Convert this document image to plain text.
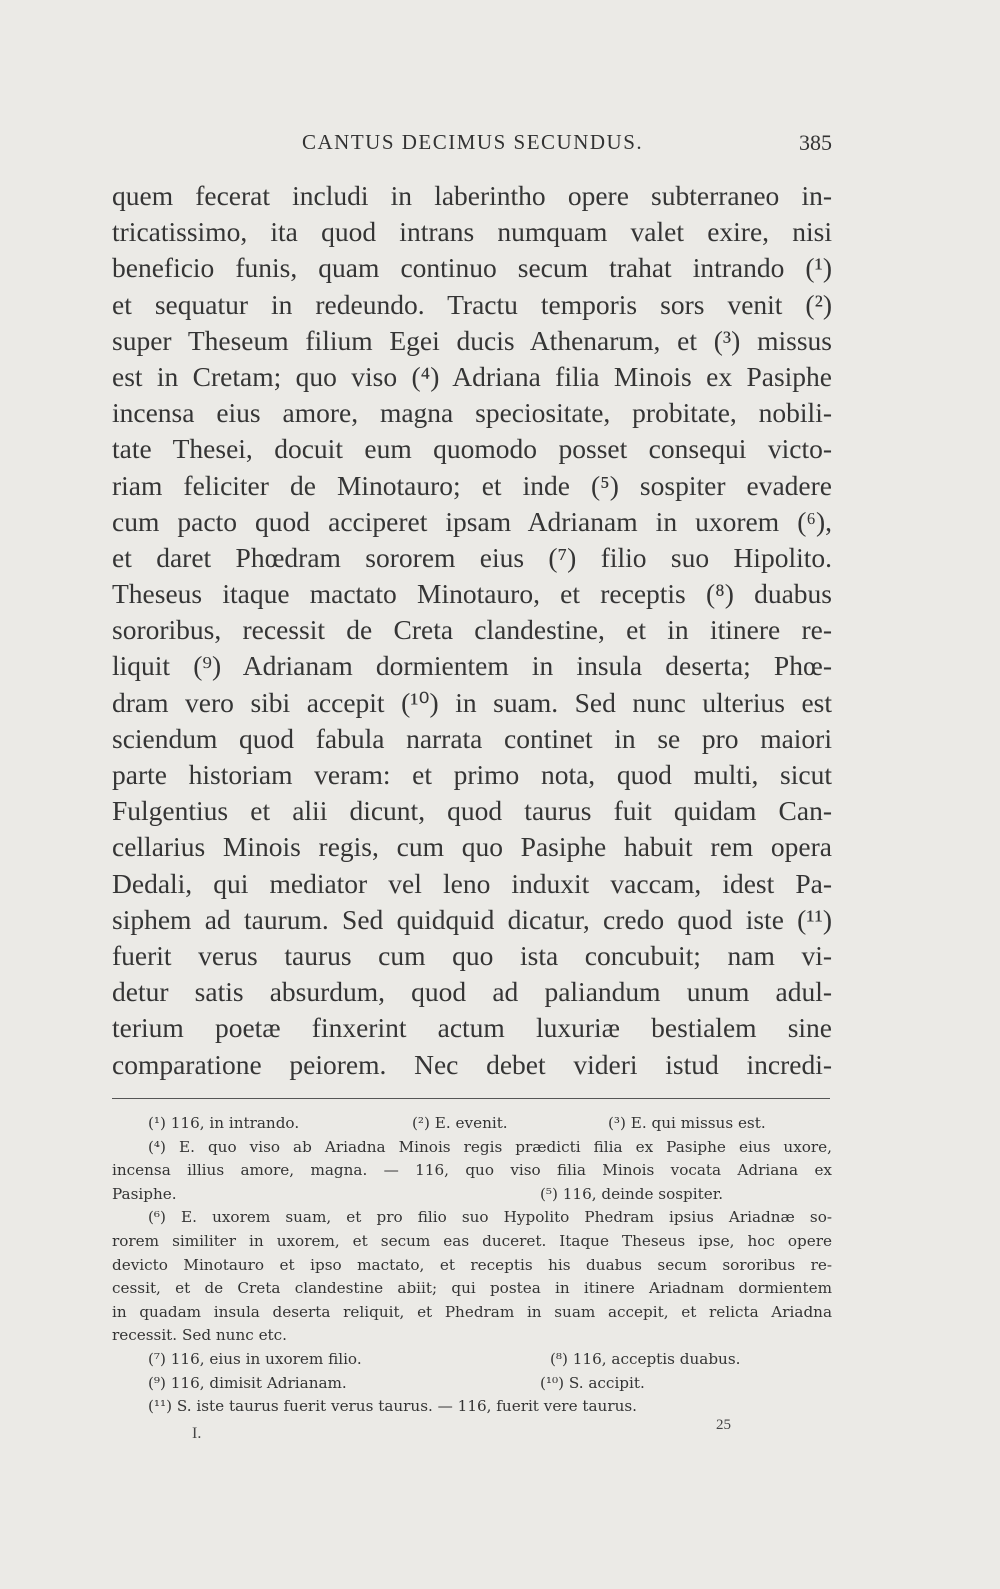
CANTUS DECIMUS SECUNDUS.	385
quem fecerat includi in laberintho opere subterraneo in-
tricatissimo, ita quod intrans numquam valet exire, nisi
beneficio funis, quam continuo secum trahat intrando (¹)
et sequatur in redeundo. Tractu temporis sors venit (²)
super Theseum filium Egei ducis Athenarum, et (³) missus
est in Cretam; quo viso (⁴) Adriana filia Minois ex Pasiphe
incensa eius amore, magna speciositate, probitate, nobili-
tate Thesei, docuit eum quomodo posset consequi victo-
riam feliciter de Minotauro; et inde (⁵) sospiter evadere
cum pacto quod acciperet ipsam Adrianam in uxorem (⁶),
et daret Phœdram sororem eius (⁷) filio suo Hipolito.
Theseus itaque mactato Minotauro, et receptis (⁸) duabus
sororibus, recessit de Creta clandestine, et in itinere re-
liquit (⁹) Adrianam dormientem in insula deserta; Phœ-
dram vero sibi accepit (¹⁰) in suam. Sed nunc ulterius est
sciendum quod fabula narrata continet in se pro maiori
parte historiam veram: et primo nota, quod multi, sicut
Fulgentius et alii dicunt, quod taurus fuit quidam Can-
cellarius Minois regis, cum quo Pasiphe habuit rem opera
Dedali, qui mediator vel leno induxit vaccam, idest Pa-
siphem ad taurum. Sed quidquid dicatur, credo quod iste (¹¹)
fuerit verus taurus cum quo ista concubuit; nam vi-
detur satis absurdum, quod ad paliandum unum adul-
terium poetæ finxerint actum luxuriæ bestialem sine
comparatione peiorem. Nec debet videri istud incredi-
(¹) 116, in intrando.	(²) E. evenit.	(³) E. qui missus est.
(⁴) E. quo viso ab Ariadna Minois regis prædicti filia ex Pasiphe eius uxore,
incensa illius amore, magna. — 116, quo viso filia Minois vocata Adriana ex
Pasiphe.	(⁵) 116, deinde sospiter.
(⁶) E. uxorem suam, et pro filio suo Hypolito Phedram ipsius Ariadnæ so-
rorem similiter in uxorem, et secum eas duceret. Itaque Theseus ipse, hoc opere
devicto Minotauro et ipso mactato, et receptis his duabus secum sororibus re-
cessit, et de Creta clandestine abiit; qui postea in itinere Ariadnam dormientem
in quadam insula deserta reliquit, et Phedram in suam accepit, et relicta Ariadna
recessit. Sed nunc etc.
(⁷) 116, eius in uxorem filio.	(⁸) 116, acceptis duabus.
(⁹) 116, dimisit Adrianam.	(¹⁰) S. accipit.
(¹¹) S. iste taurus fuerit verus taurus. — 116, fuerit vere taurus.
I.	25
